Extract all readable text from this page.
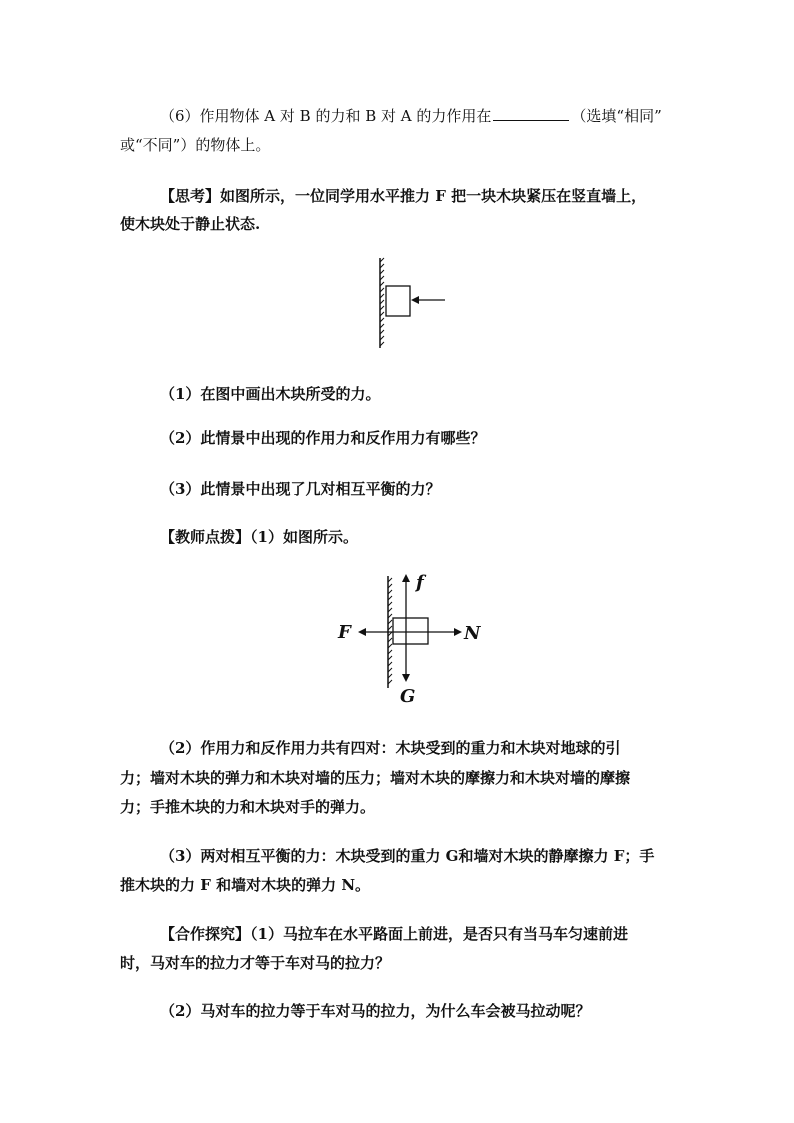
（6）作用物体 A 对 B 的力和 B 对 A 的力作用在	（选填“相同”

或“不同”）的物体上。

【思考】如图所示，一位同学用水平推力 F 把一块木块紧压在竖直墙上，

使木块处于静止状态.

（1）在图中画出木块所受的力。

（2）此情景中出现的作用力和反作用力有哪些？

（3）此情景中出现了几对相互平衡的力？

【教师点拨】（1）如图所示。

f
F	N
G

（2）作用力和反作用力共有四对：木块受到的重力和木块对地球的引

力；墙对木块的弹力和木块对墙的压力；墙对木块的摩擦力和木块对墙的摩擦

力；手推木块的力和木块对手的弹力。

（3）两对相互平衡的力：木块受到的重力 G和墙对木块的静摩擦力 F；手

推木块的力 F 和墙对木块的弹力 N。

【合作探究】（1）马拉车在水平路面上前进，是否只有当马车匀速前进

时，马对车的拉力才等于车对马的拉力？

（2）马对车的拉力等于车对马的拉力，为什么车会被马拉动呢？
